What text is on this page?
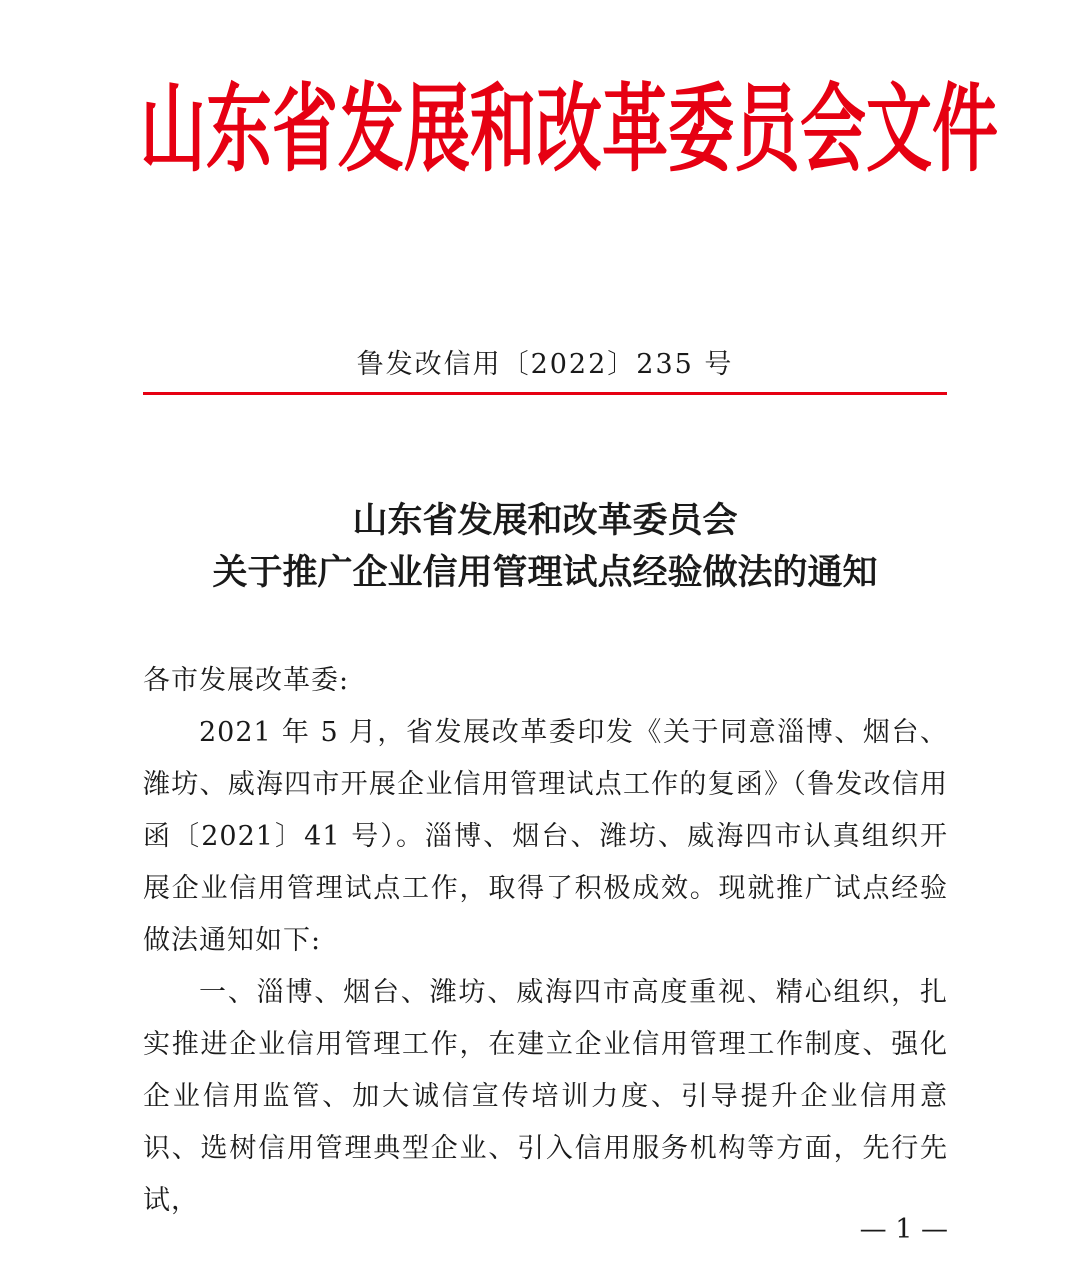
山东省发展和改革委员会文件
鲁发改信用〔2022〕235 号
山东省发展和改革委员会
关于推广企业信用管理试点经验做法的通知

各市发展改革委:

2021 年 5 月，省发展改革委印发《关于同意淄博、烟台、潍坊、威海四市开展企业信用管理试点工作的复函》（鲁发改信用函〔2021〕41 号）。淄博、烟台、潍坊、威海四市认真组织开展企业信用管理试点工作，取得了积极成效。现就推广试点经验做法通知如下:

一、淄博、烟台、潍坊、威海四市高度重视、精心组织，扎实推进企业信用管理工作，在建立企业信用管理工作制度、强化企业信用监管、加大诚信宣传培训力度、引导提升企业信用意识、选树信用管理典型企业、引入信用服务机构等方面，先行先试，

— 1 —
